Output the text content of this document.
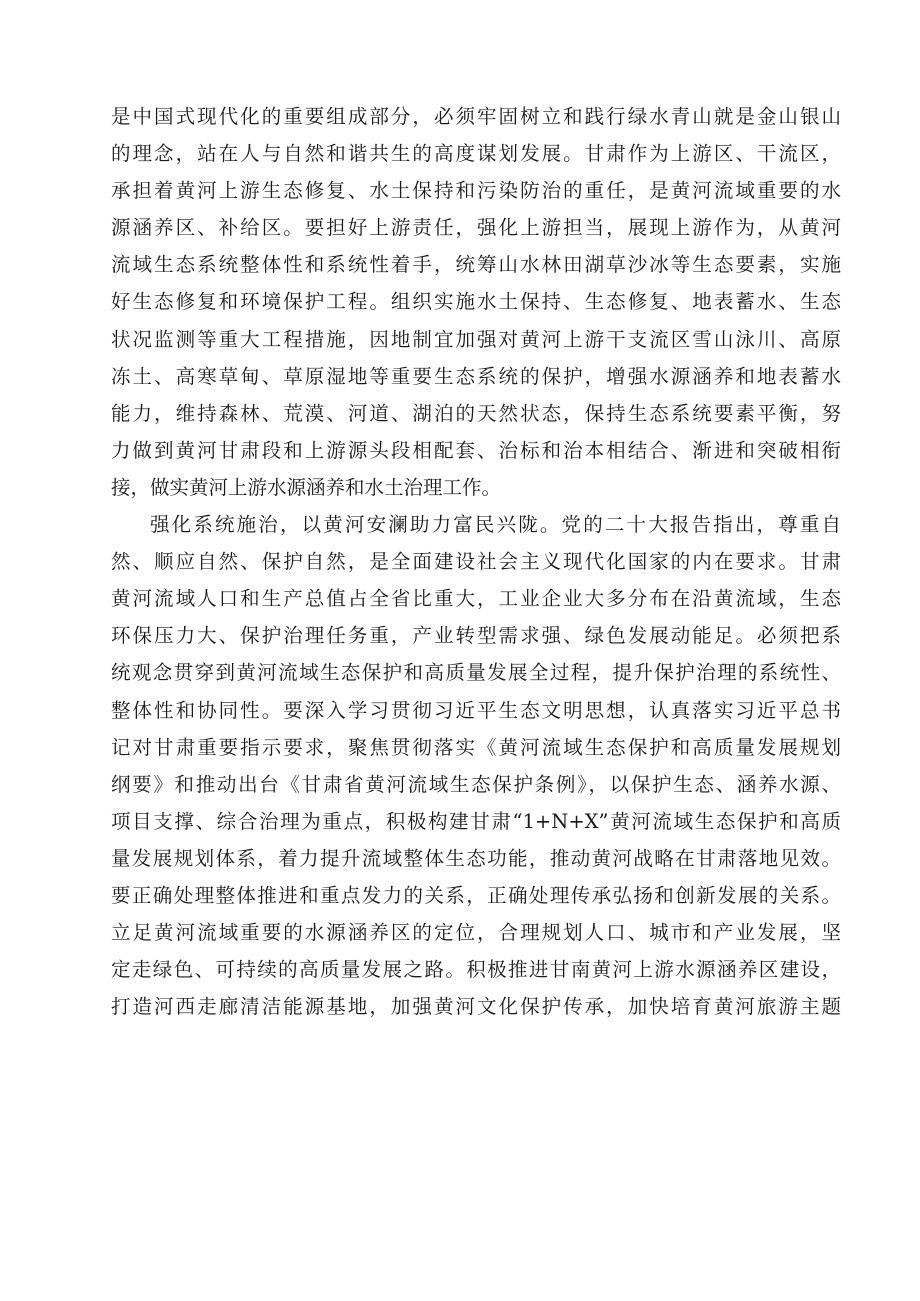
是中国式现代化的重要组成部分，必须牢固树立和践行绿水青山就是金山银山
的理念，站在人与自然和谐共生的高度谋划发展。甘肃作为上游区、干流区，
承担着黄河上游生态修复、水土保持和污染防治的重任，是黄河流域重要的水
源涵养区、补给区。要担好上游责任，强化上游担当，展现上游作为，从黄河
流域生态系统整体性和系统性着手，统筹山水林田湖草沙冰等生态要素，实施
好生态修复和环境保护工程。组织实施水土保持、生态修复、地表蓄水、生态
状况监测等重大工程措施，因地制宜加强对黄河上游干支流区雪山泳川、高原
冻土、高寒草甸、草原湿地等重要生态系统的保护，增强水源涵养和地表蓄水
能力，维持森林、荒漠、河道、湖泊的天然状态，保持生态系统要素平衡，努
力做到黄河甘肃段和上游源头段相配套、治标和治本相结合、渐进和突破相衔
接，做实黄河上游水源涵养和水土治理工作。
强化系统施治，以黄河安澜助力富民兴陇。党的二十大报告指出，尊重自
然、顺应自然、保护自然，是全面建设社会主义现代化国家的内在要求。甘肃
黄河流域人口和生产总值占全省比重大，工业企业大多分布在沿黄流域，生态
环保压力大、保护治理任务重，产业转型需求强、绿色发展动能足。必须把系
统观念贯穿到黄河流域生态保护和高质量发展全过程，提升保护治理的系统性、
整体性和协同性。要深入学习贯彻习近平生态文明思想，认真落实习近平总书
记对甘肃重要指示要求，聚焦贯彻落实《黄河流域生态保护和高质量发展规划
纲要》和推动出台《甘肃省黄河流域生态保护条例》，以保护生态、涵养水源、
项目支撑、综合治理为重点，积极构建甘肃“1+N+X”黄河流域生态保护和高质
量发展规划体系，着力提升流域整体生态功能，推动黄河战略在甘肃落地见效。
要正确处理整体推进和重点发力的关系，正确处理传承弘扬和创新发展的关系。
立足黄河流域重要的水源涵养区的定位，合理规划人口、城市和产业发展，坚
定走绿色、可持续的高质量发展之路。积极推进甘南黄河上游水源涵养区建设，
打造河西走廊清洁能源基地，加强黄河文化保护传承，加快培育黄河旅游主题
